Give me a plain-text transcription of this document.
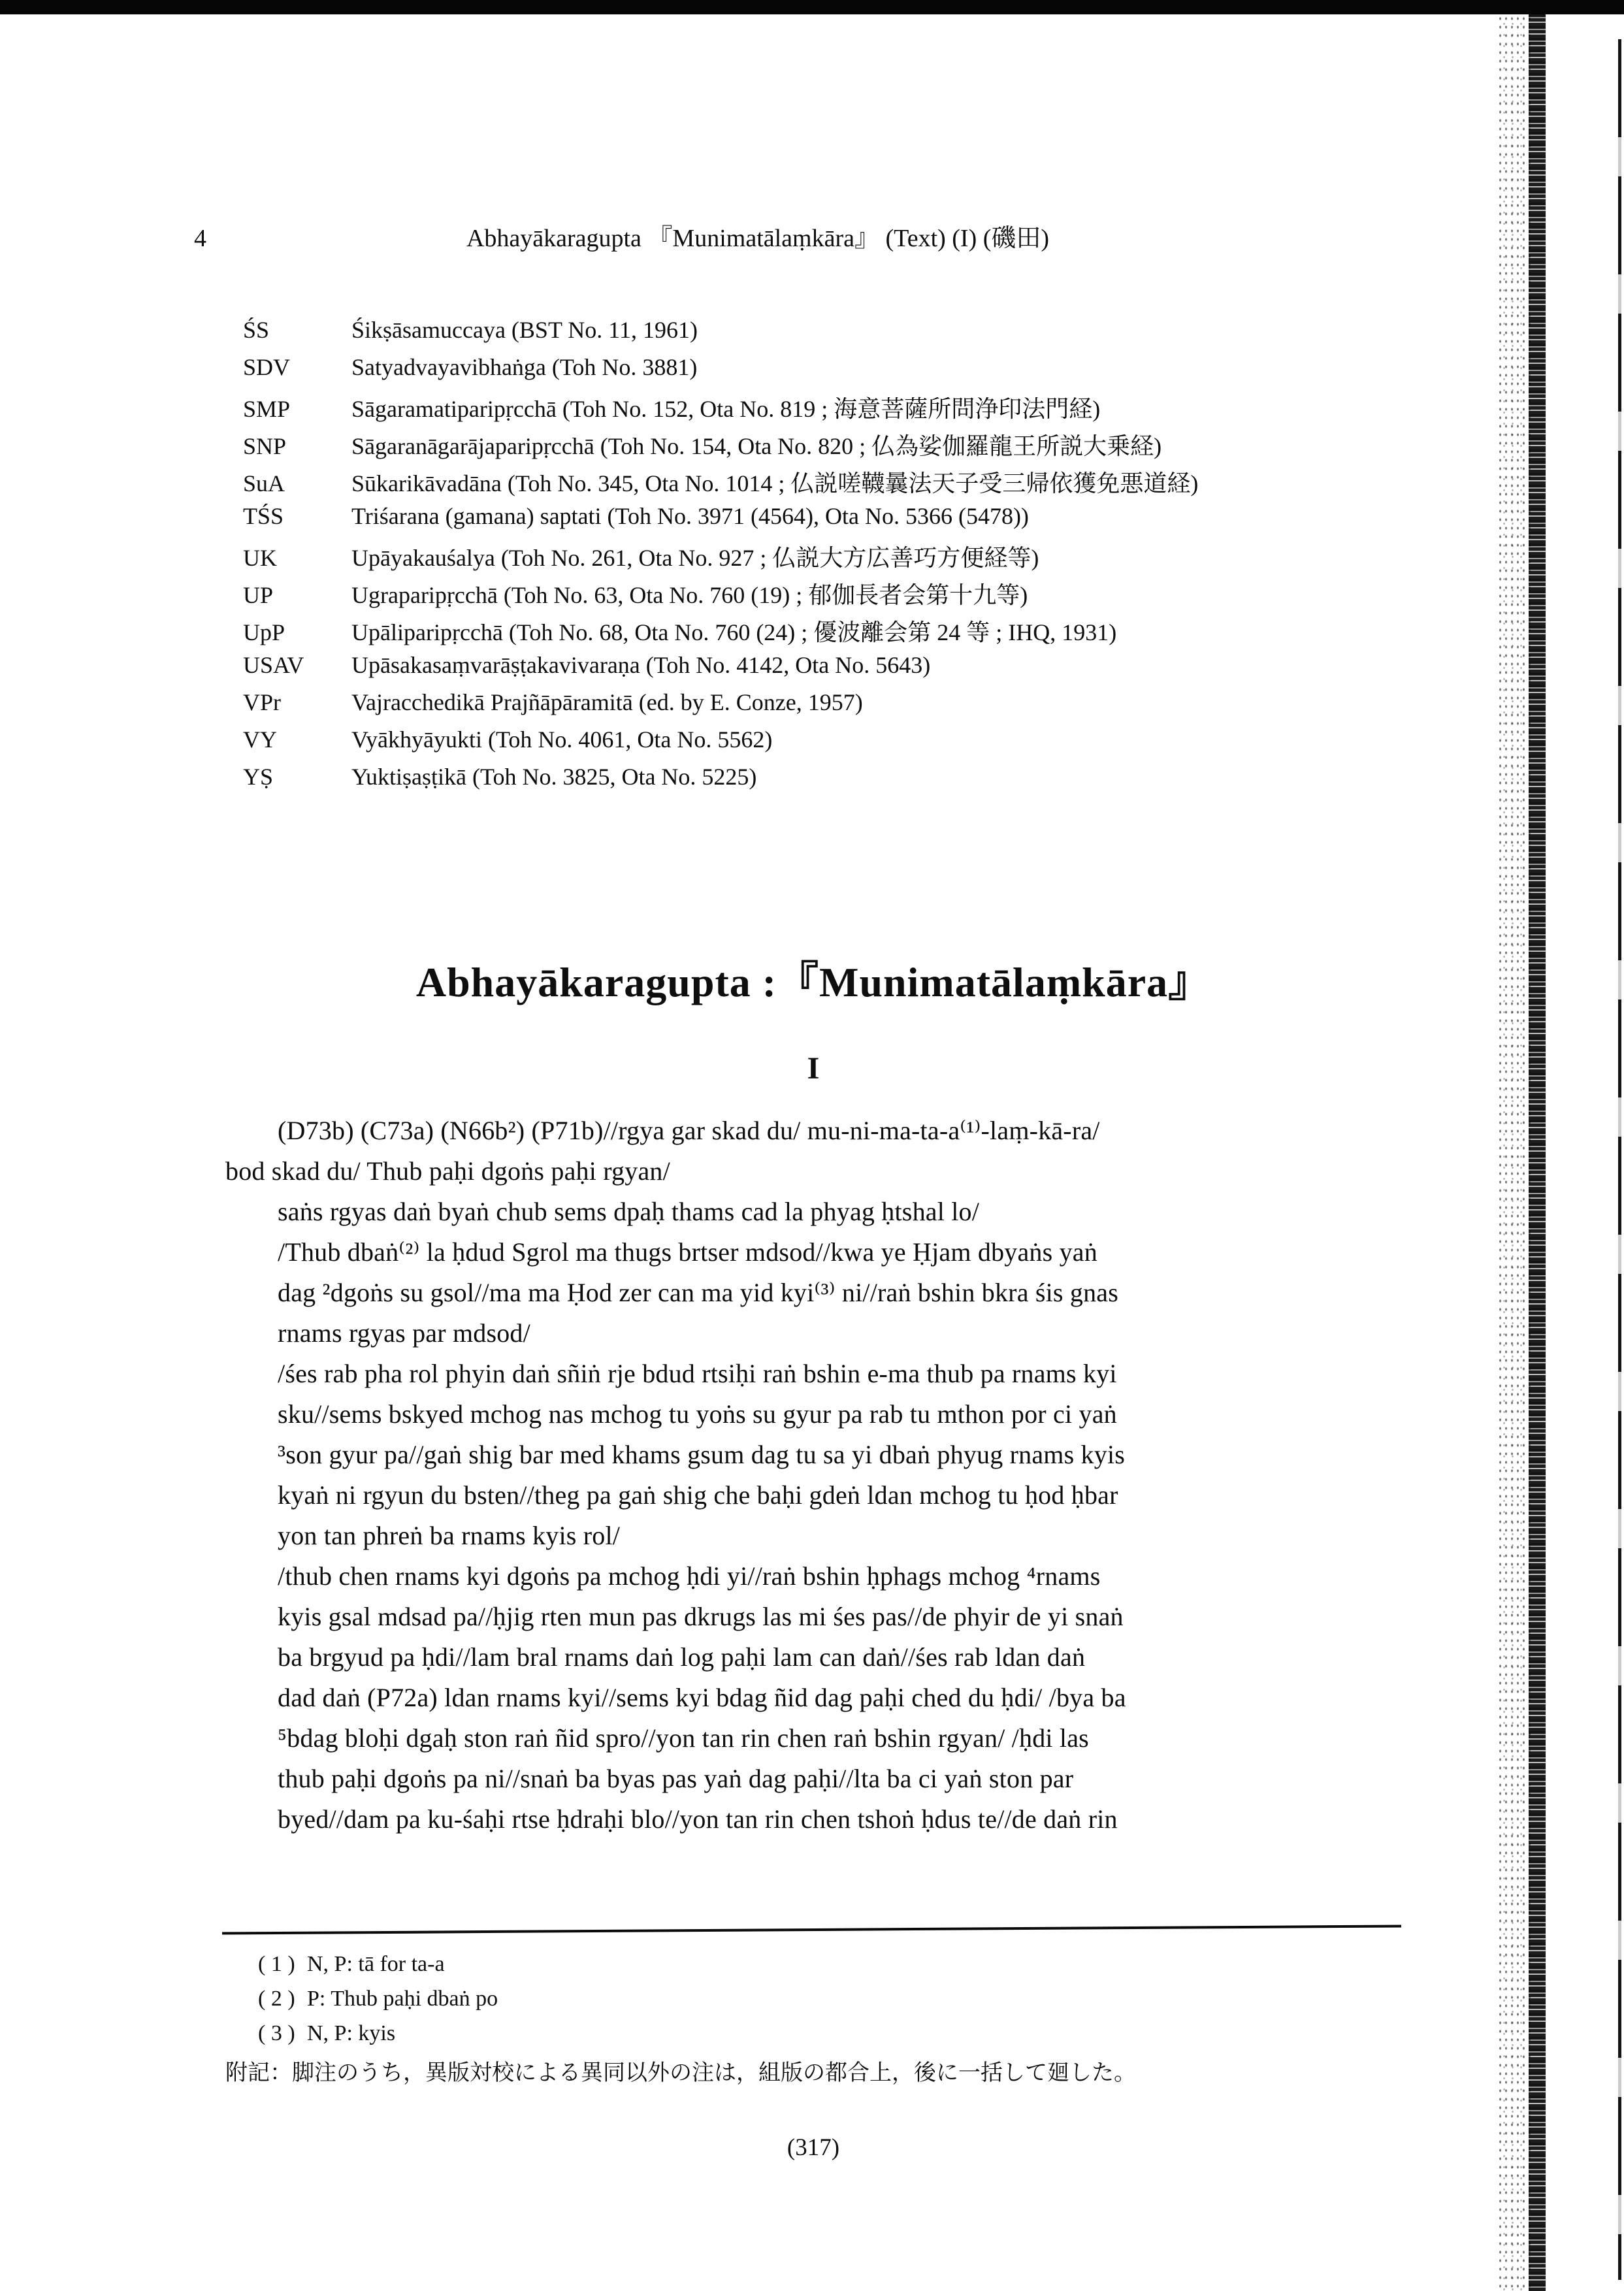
4	Abhayākaragupta 『Munimatālaṃkāra』 (Text) (I) (磯田)
ŚS	Śikṣāsamuccaya (BST No. 11, 1961)
SDV	Satyadvayavibhaṅga (Toh No. 3881)
SMP	Sāgaramatiparipṛcchā (Toh No. 152, Ota No. 819 ; 海意菩薩所問浄印法門経)
SNP	Sāgaranāgarājaparipṛcchā (Toh No. 154, Ota No. 820 ; 仏為娑伽羅龍王所説大乗経)
SuA	Sūkarikāvadāna (Toh No. 345, Ota No. 1014 ; 仏説嗟韈曩法天子受三帰依獲免悪道経)
TŚS	Triśarana (gamana) saptati (Toh No. 3971 (4564), Ota No. 5366 (5478))
UK	Upāyakauśalya (Toh No. 261, Ota No. 927 ; 仏説大方広善巧方便経等)
UP	Ugraparipṛcchā (Toh No. 63, Ota No. 760 (19) ; 郁伽長者会第十九等)
UpP	Upāliparipṛcchā (Toh No. 68, Ota No. 760 (24) ; 優波離会第 24 等 ; IHQ, 1931)
USAV	Upāsakasaṃvarāṣṭakavivaraṇa (Toh No. 4142, Ota No. 5643)
VPr	Vajracchedikā Prajñāpāramitā (ed. by E. Conze, 1957)
VY	Vyākhyāyukti (Toh No. 4061, Ota No. 5562)
YṢ	Yuktiṣaṣṭikā (Toh No. 3825, Ota No. 5225)
Abhayākaragupta :『Munimatālaṃkāra』
I
(D73b) (C73a) (N66b²) (P71b)//rgya gar skad du/ mu-ni-ma-ta-a⁽¹⁾-laṃ-kā-ra/
bod skad du/ Thub paḥi dgoṅs paḥi rgyan/
saṅs rgyas daṅ byaṅ chub sems dpaḥ thams cad la phyag ḥtshal lo/
/Thub dbaṅ⁽²⁾ la ḥdud Sgrol ma thugs brtser mdsod//kwa ye Ḥjam dbyaṅs yaṅ
dag ²dgoṅs su gsol//ma ma Ḥod zer can ma yid kyi⁽³⁾ ni//raṅ bshin bkra śis gnas
rnams rgyas par mdsod/
/śes rab pha rol phyin daṅ sñiṅ rje bdud rtsiḥi raṅ bshin e-ma thub pa rnams kyi
sku//sems bskyed mchog nas mchog tu yoṅs su gyur pa rab tu mthon por ci yaṅ
³son gyur pa//gaṅ shig bar med khams gsum dag tu sa yi dbaṅ phyug rnams kyis
kyaṅ ni rgyun du bsten//theg pa gaṅ shig che baḥi gdeṅ ldan mchog tu ḥod ḥbar
yon tan phreṅ ba rnams kyis rol/
/thub chen rnams kyi dgoṅs pa mchog ḥdi yi//raṅ bshin ḥphags mchog ⁴rnams
kyis gsal mdsad pa//ḥjig rten mun pas dkrugs las mi śes pas//de phyir de yi snaṅ
ba brgyud pa ḥdi//lam bral rnams daṅ log paḥi lam can daṅ//śes rab ldan daṅ
dad daṅ (P72a) ldan rnams kyi//sems kyi bdag ñid dag paḥi ched du ḥdi/ /bya ba
⁵bdag bloḥi dgaḥ ston raṅ ñid spro//yon tan rin chen raṅ bshin rgyan/ /ḥdi las
thub paḥi dgoṅs pa ni//snaṅ ba byas pas yaṅ dag paḥi//lta ba ci yaṅ ston par
byed//dam pa ku-śaḥi rtse ḥdraḥi blo//yon tan rin chen tshoṅ ḥdus te//de daṅ rin
( 1 ) N, P: tā for ta-a
( 2 ) P: Thub paḥi dbaṅ po
( 3 ) N, P: kyis
附記：脚注のうち，異版対校による異同以外の注は，組版の都合上，後に一括して廻した。
(317)
